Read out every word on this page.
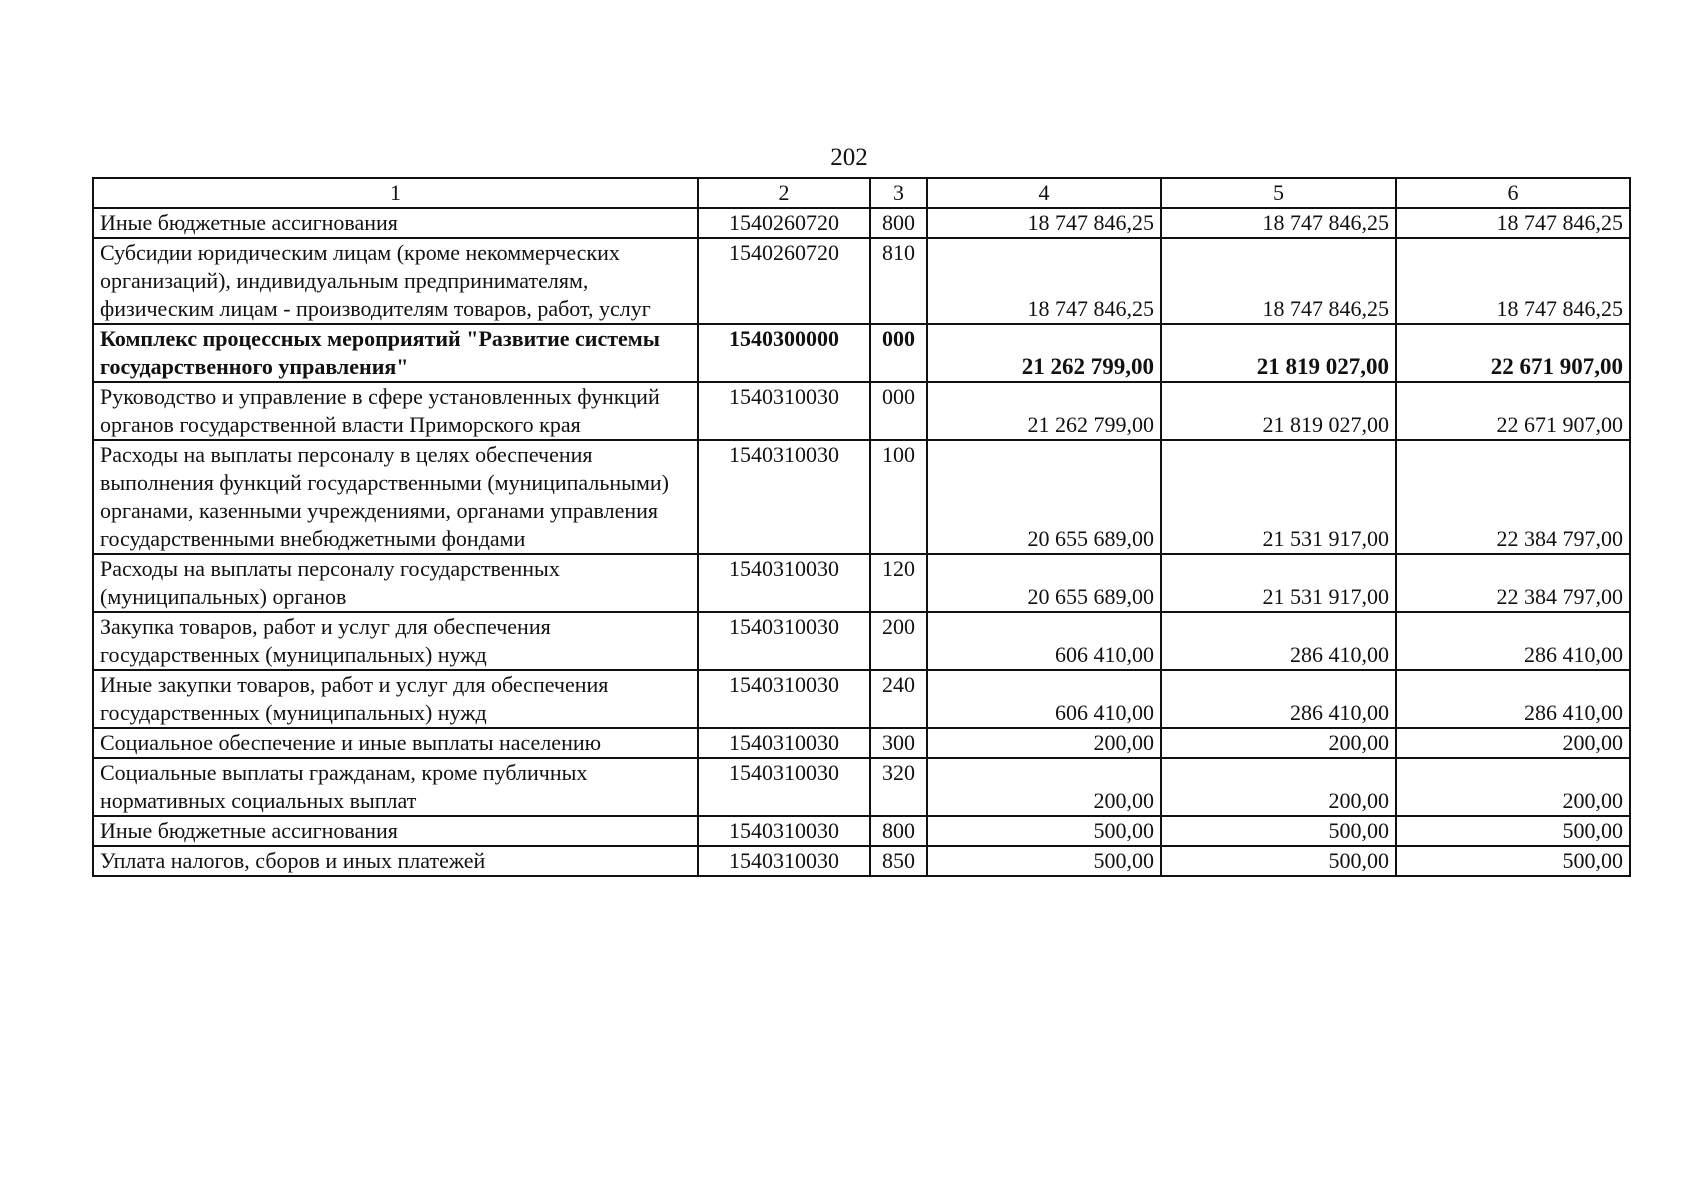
202
1	2	3	4	5	6
Иные бюджетные ассигнования	1540260720	800	18 747 846,25	18 747 846,25	18 747 846,25
Субсидии юридическим лицам (кроме некоммерческих организаций), индивидуальным предпринимателям, физическим лицам - производителям товаров, работ, услуг	1540260720	810	18 747 846,25	18 747 846,25	18 747 846,25
Комплекс процессных мероприятий "Развитие системы государственного управления"	1540300000	000	21 262 799,00	21 819 027,00	22 671 907,00
Руководство и управление в сфере установленных функций органов государственной власти Приморского края	1540310030	000	21 262 799,00	21 819 027,00	22 671 907,00
Расходы на выплаты персоналу в целях обеспечения выполнения функций государственными (муниципальными) органами, казенными учреждениями, органами управления государственными внебюджетными фондами	1540310030	100	20 655 689,00	21 531 917,00	22 384 797,00
Расходы на выплаты персоналу государственных (муниципальных) органов	1540310030	120	20 655 689,00	21 531 917,00	22 384 797,00
Закупка товаров, работ и услуг для обеспечения государственных (муниципальных) нужд	1540310030	200	606 410,00	286 410,00	286 410,00
Иные закупки товаров, работ и услуг для обеспечения государственных (муниципальных) нужд	1540310030	240	606 410,00	286 410,00	286 410,00
Социальное обеспечение и иные выплаты населению	1540310030	300	200,00	200,00	200,00
Социальные выплаты гражданам, кроме публичных нормативных социальных выплат	1540310030	320	200,00	200,00	200,00
Иные бюджетные ассигнования	1540310030	800	500,00	500,00	500,00
Уплата налогов, сборов и иных платежей	1540310030	850	500,00	500,00	500,00
